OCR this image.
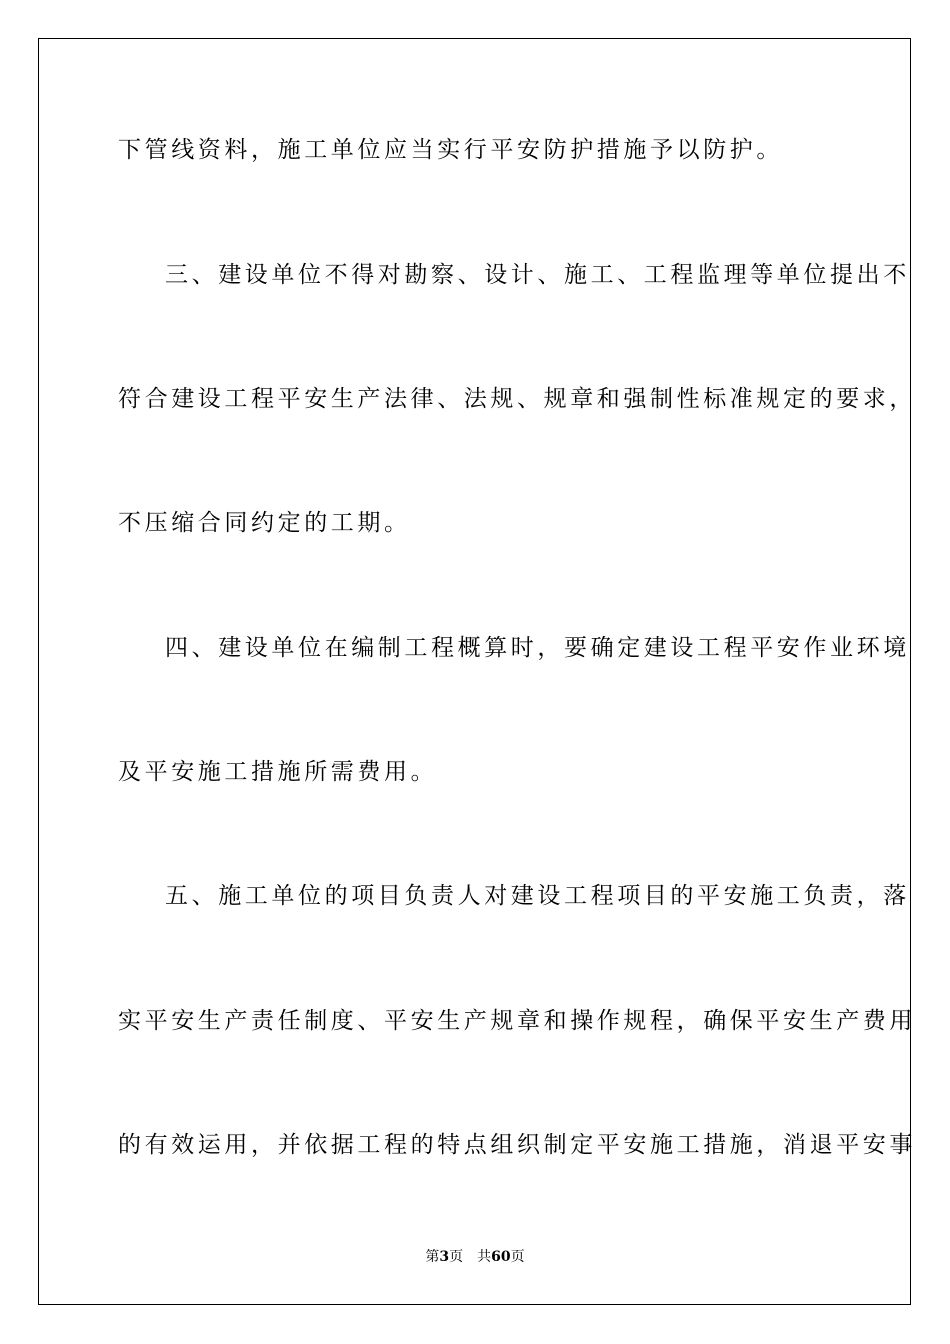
下管线资料，施工单位应当实行平安防护措施予以防护。
三、建设单位不得对勘察、设计、施工、工程监理等单位提出不
符合建设工程平安生产法律、法规、规章和强制性标准规定的要求，
不压缩合同约定的工期。
四、建设单位在编制工程概算时，要确定建设工程平安作业环境
及平安施工措施所需费用。
五、施工单位的项目负责人对建设工程项目的平安施工负责，落
实平安生产责任制度、平安生产规章和操作规程，确保平安生产费用
的有效运用，并依据工程的特点组织制定平安施工措施，消退平安事
第3页 共60页
